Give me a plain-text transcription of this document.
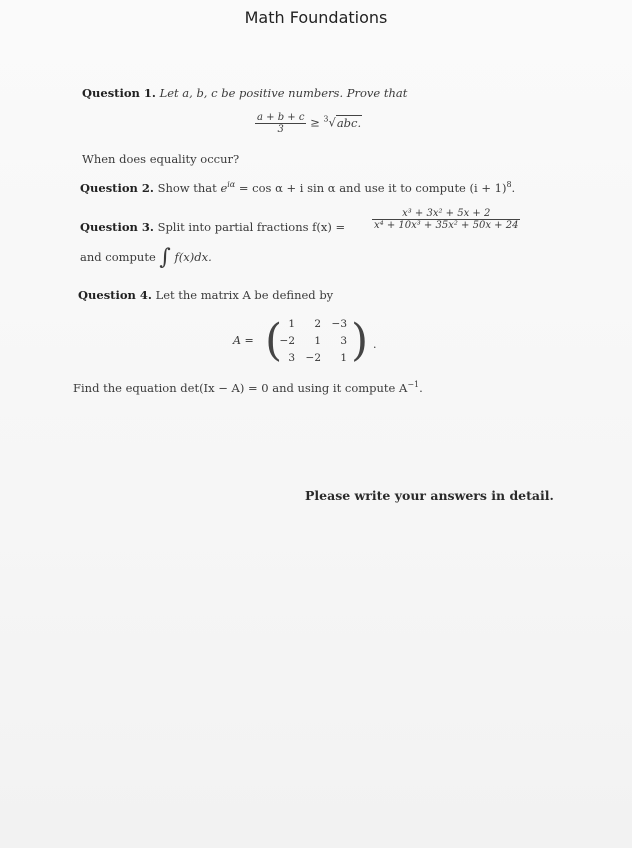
Math Foundations
Question 1. Let a, b, c be positive numbers. Prove that
$\frac{a + b + c}{3} \ge ^3√abc$.
When does equality occur?
Question 2. Show that $e^{i\alpha} = \cos \alpha + i$ sin α and use it to compute $(i + 1)^8$.
Question 3. Split into partial fractions f(x) =	$\frac{\text{x³ + 3x² + 5x + 2}}{\text{x⁴ + 10x³ + 35x² + 50x + 24}}$
and compute ∫ f(x)dx.
Question 4. Let the matrix A be defined by
A = ( 1	2	−3
−2	1	3
3	−2	1 ) .
Find the equation det(Ix − A) = 0 and using it compute $A^{-1}$.
Please write your answers in detail.
